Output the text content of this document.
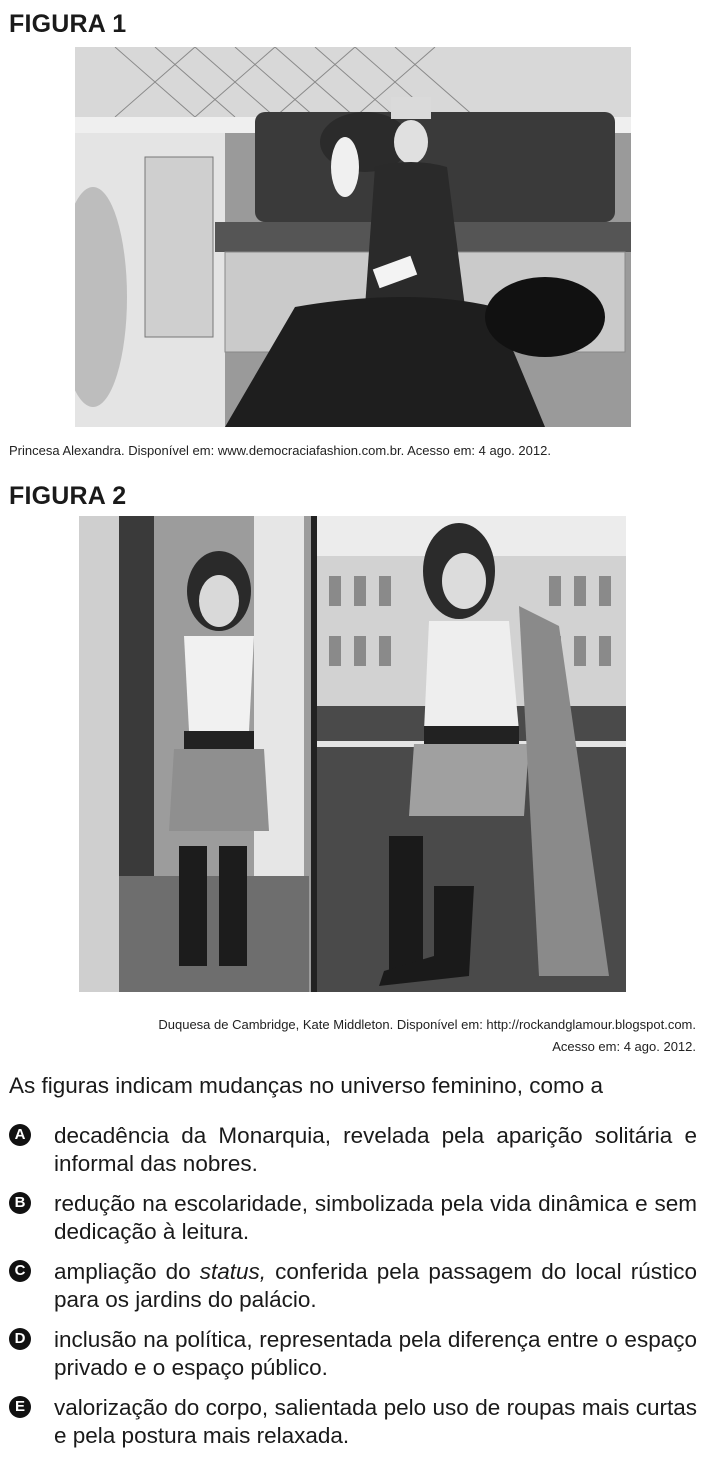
FIGURA 1
Princesa Alexandra. Disponível em: www.democraciafashion.com.br. Acesso em: 4 ago. 2012.
FIGURA 2
Duquesa de Cambridge, Kate Middleton. Disponível em: http://rockandglamour.blogspot.com.
Acesso em: 4 ago. 2012.
As figuras indicam mudanças no universo feminino, como a
A decadência da Monarquia, revelada pela aparição solitária e informal das nobres.
B redução na escolaridade, simbolizada pela vida dinâmica e sem dedicação à leitura.
C ampliação do status, conferida pela passagem do local rústico para os jardins do palácio.
D inclusão na política, representada pela diferença entre o espaço privado e o espaço público.
E valorização do corpo, salientada pelo uso de roupas mais curtas e pela postura mais relaxada.
